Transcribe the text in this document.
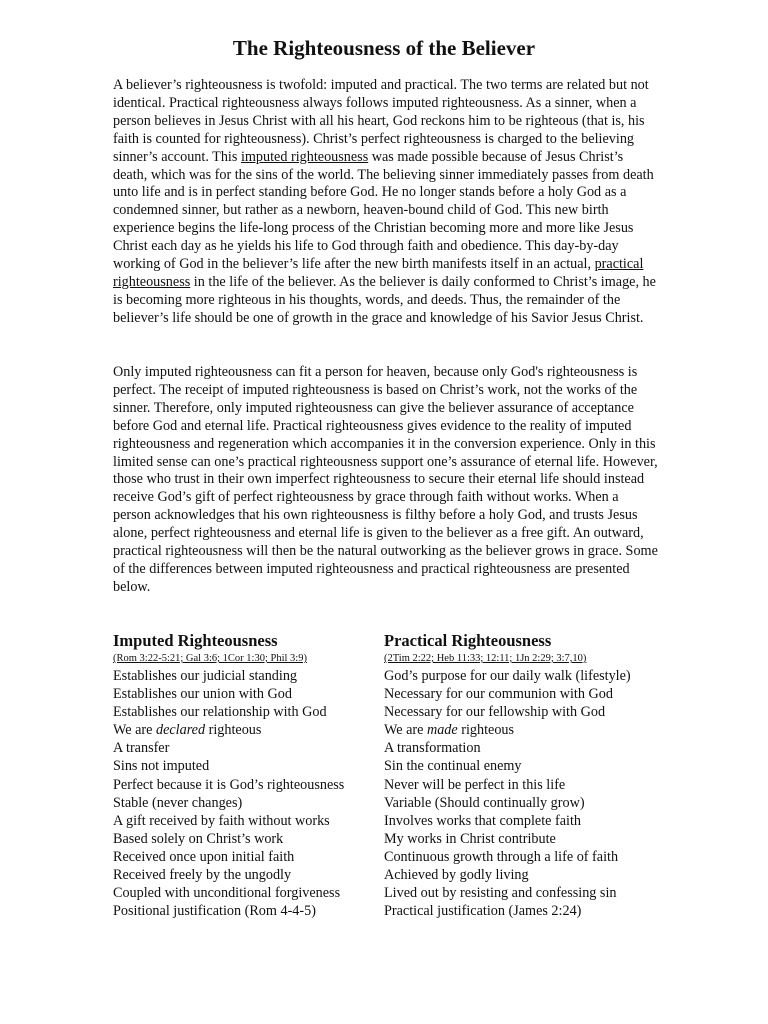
The Righteousness of the Believer

A believer’s righteousness is twofold: imputed and practical. The two terms are related but not identical. Practical righteousness always follows imputed righteousness. As a sinner, when a person believes in Jesus Christ with all his heart, God reckons him to be righteous (that is, his faith is counted for righteousness). Christ’s perfect righteousness is charged to the believing sinner’s account. This imputed righteousness was made possible because of Jesus Christ’s death, which was for the sins of the world. The believing sinner immediately passes from death unto life and is in perfect standing before God. He no longer stands before a holy God as a condemned sinner, but rather as a newborn, heaven-bound child of God. This new birth experience begins the life-long process of the Christian becoming more and more like Jesus Christ each day as he yields his life to God through faith and obedience. This day-by-day working of God in the believer’s life after the new birth manifests itself in an actual, practical righteousness in the life of the believer. As the believer is daily conformed to Christ’s image, he is becoming more righteous in his thoughts, words, and deeds. Thus, the remainder of the believer’s life should be one of growth in the grace and knowledge of his Savior Jesus Christ.

Only imputed righteousness can fit a person for heaven, because only God's righteousness is perfect. The receipt of imputed righteousness is based on Christ’s work, not the works of the sinner. Therefore, only imputed righteousness can give the believer assurance of acceptance before God and eternal life. Practical righteousness gives evidence to the reality of imputed righteousness and regeneration which accompanies it in the conversion experience. Only in this limited sense can one’s practical righteousness support one’s assurance of eternal life. However, those who trust in their own imperfect righteousness to secure their eternal life should instead receive God’s gift of perfect righteousness by grace through faith without works. When a person acknowledges that his own righteousness is filthy before a holy God, and trusts Jesus alone, perfect righteousness and eternal life is given to the believer as a free gift. An outward, practical righteousness will then be the natural outworking as the believer grows in grace. Some of the differences between imputed righteousness and practical righteousness are presented below.

Imputed Righteousness
(Rom 3:22-5:21; Gal 3:6; 1Cor 1:30; Phil 3:9)
Establishes our judicial standing
Establishes our union with God
Establishes our relationship with God
We are declared righteous
A transfer
Sins not imputed
Perfect because it is God’s righteousness
Stable (never changes)
A gift received by faith without works
Based solely on Christ’s work
Received once upon initial faith
Received freely by the ungodly
Coupled with unconditional forgiveness
Positional justification (Rom 4-4-5)
Practical Righteousness
(2Tim 2:22; Heb 11:33; 12:11; 1Jn 2:29; 3:7,10)
God’s purpose for our daily walk (lifestyle)
Necessary for our communion with God
Necessary for our fellowship with God
We are made righteous
A transformation
Sin the continual enemy
Never will be perfect in this life
Variable (Should continually grow)
Involves works that complete faith
My works in Christ contribute
Continuous growth through a life of faith
Achieved by godly living
Lived out by resisting and confessing sin
Practical justification (James 2:24)
